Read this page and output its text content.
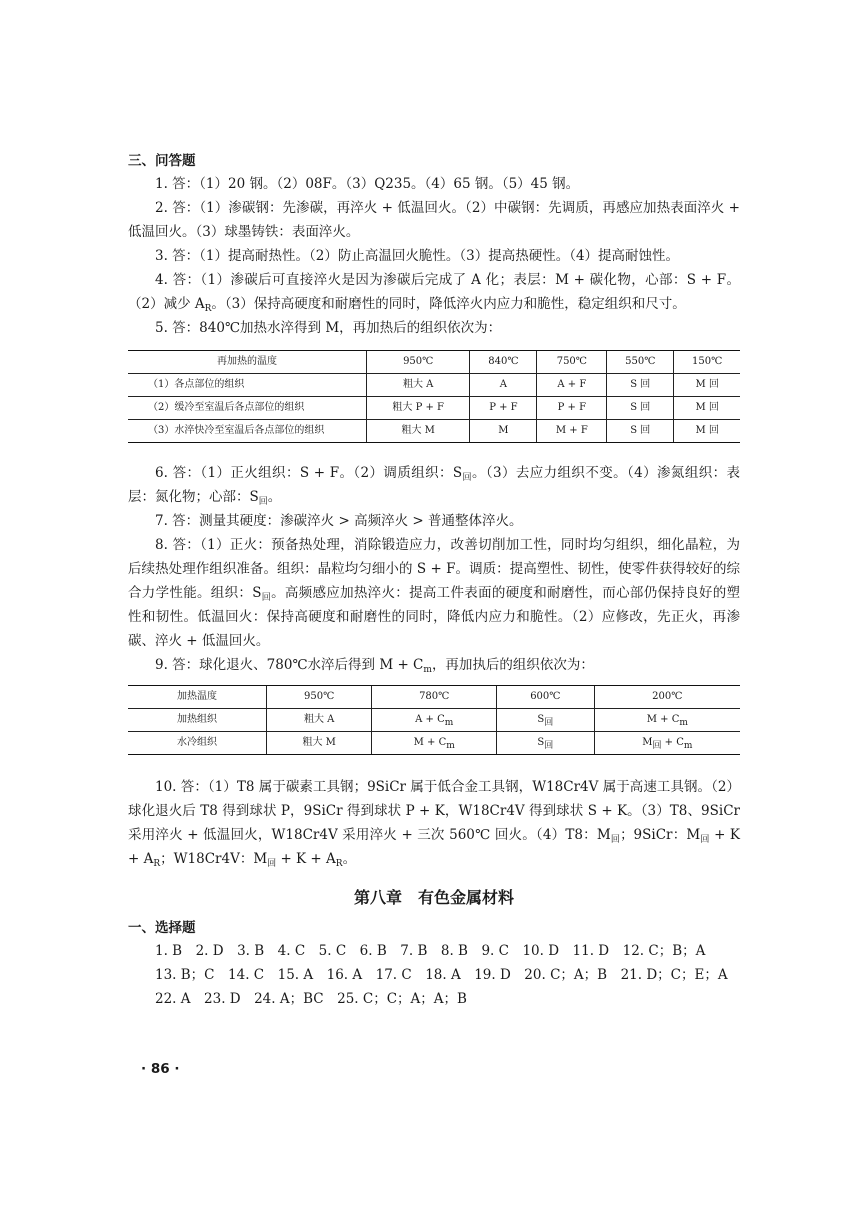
三、问答题

1. 答：（1）20 钢。（2）08F。（3）Q235。（4）65 钢。（5）45 钢。

2. 答：（1）渗碳钢：先渗碳，再淬火 + 低温回火。（2）中碳钢：先调质，再感应加热表面淬火 + 低温回火。（3）球墨铸铁：表面淬火。

3. 答：（1）提高耐热性。（2）防止高温回火脆性。（3）提高热硬性。（4）提高耐蚀性。

4. 答：（1）渗碳后可直接淬火是因为渗碳后完成了 A 化；表层：M + 碳化物，心部：S + F。（2）减少 $A_R$。（3）保持高硬度和耐磨性的同时，降低淬火内应力和脆性，稳定组织和尺寸。

5. 答：840℃加热水淬得到 M，再加热后的组织依次为：

再加热的温度	950℃	840℃	750℃	550℃	150℃
（1）各点部位的组织	粗大 A	A	A + F	S 回	M 回
（2）缓冷至室温后各点部位的组织	粗大 P + F	P + F	P + F	S 回	M 回
（3）水淬快冷至室温后各点部位的组织	粗大 M	M	M + F	S 回	M 回

6. 答：（1）正火组织：S + F。（2）调质组织：$S_回$。（3）去应力组织不变。（4）渗氮组织：表层：氮化物；心部：$S_回$。

7. 答：测量其硬度：渗碳淬火 > 高频淬火 > 普通整体淬火。

8. 答：（1）正火：预备热处理，消除锻造应力，改善切削加工性，同时均匀组织，细化晶粒，为后续热处理作组织准备。组织：晶粒均匀细小的 S + F。调质：提高塑性、韧性，使零件获得较好的综合力学性能。组织：$S_回$。高频感应加热淬火：提高工件表面的硬度和耐磨性，而心部仍保持良好的塑性和韧性。低温回火：保持高硬度和耐磨性的同时，降低内应力和脆性。（2）应修改，先正火，再渗碳、淬火 + 低温回火。

9. 答：球化退火、780℃水淬后得到 $M + C_m$，再加执后的组织依次为：

加热温度	950℃	780℃	600℃	200℃
加热组织	粗大 A	$A + C_m$	$S_回$	$M + C_m$
水冷组织	粗大 M	$M + C_m$	$S_回$	$M_回 + C_m$

10. 答：（1）T8 属于碳素工具钢；9SiCr 属于低合金工具钢，W18Cr4V 属于高速工具钢。（2）球化退火后 T8 得到球状 P，9SiCr 得到球状 P + K，W18Cr4V 得到球状 S + K。（3）T8、9SiCr 采用淬火 + 低温回火，W18Cr4V 采用淬火 + 三次 560℃ 回火。（4）T8：$M_回$；9SiCr：$M_回 + K + A_R$；W18Cr4V：$M_回 + K + A_R$。

第八章　有色金属材料

一、选择题

1. B　2. D　3. B　4. C　5. C　6. B　7. B　8. B　9. C　10. D　11. D　12. C；B；A

13. B；C　14. C　15. A　16. A　17. C　18. A　19. D　20. C；A；B　21. D；C；E；A

22. A　23. D　24. A；BC　25. C；C；A；A；B

· 86 ·
